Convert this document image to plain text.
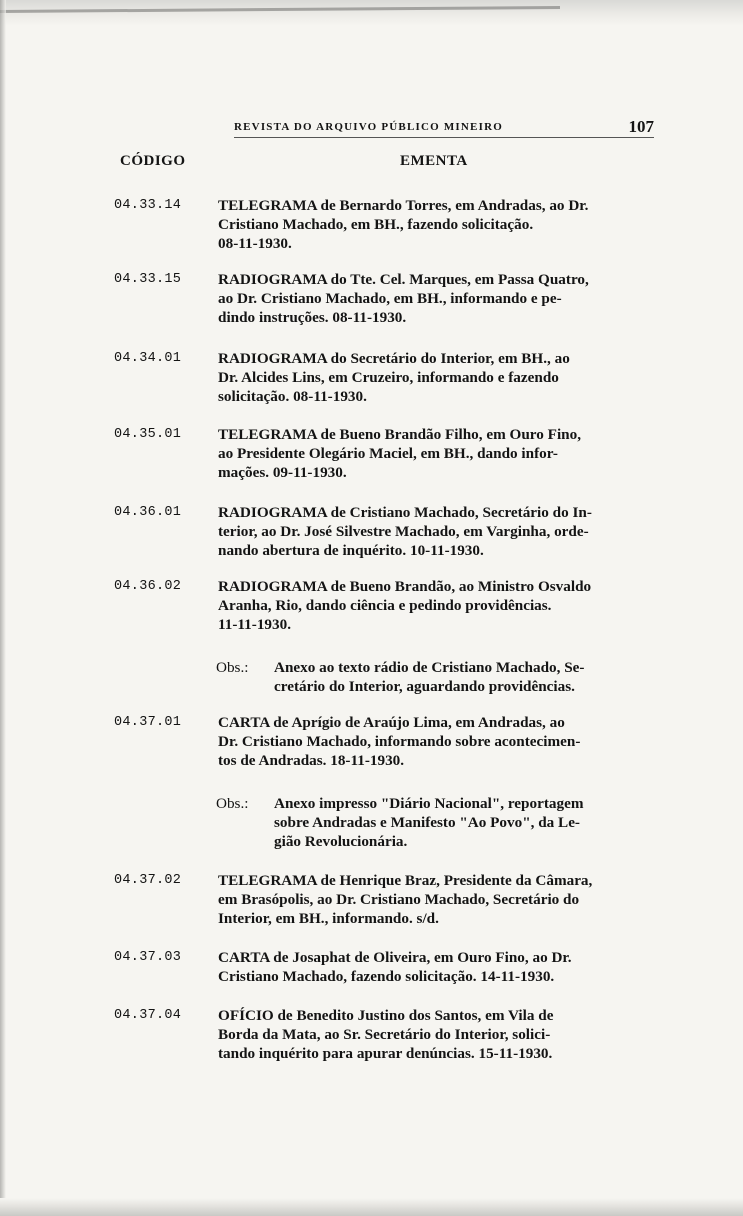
REVISTA DO ARQUIVO PÚBLICO MINEIRO	107
CÓDIGO	EMENTA
04.33.14	TELEGRAMA de Bernardo Torres, em Andradas, ao Dr.
Cristiano Machado, em BH., fazendo solicitação.
08-11-1930.
04.33.15	RADIOGRAMA do Tte. Cel. Marques, em Passa Quatro,
ao Dr. Cristiano Machado, em BH., informando e pe-
dindo instruções. 08-11-1930.
04.34.01	RADIOGRAMA do Secretário do Interior, em BH., ao
Dr. Alcides Lins, em Cruzeiro, informando e fazendo
solicitação. 08-11-1930.
04.35.01	TELEGRAMA de Bueno Brandão Filho, em Ouro Fino,
ao Presidente Olegário Maciel, em BH., dando infor-
mações. 09-11-1930.
04.36.01	RADIOGRAMA de Cristiano Machado, Secretário do In-
terior, ao Dr. José Silvestre Machado, em Varginha, orde-
nando abertura de inquérito. 10-11-1930.
04.36.02	RADIOGRAMA de Bueno Brandão, ao Ministro Osvaldo
Aranha, Rio, dando ciência e pedindo providências.
11-11-1930.
Obs.: Anexo ao texto rádio de Cristiano Machado, Se-
cretário do Interior, aguardando providências.
04.37.01	CARTA de Aprígio de Araújo Lima, em Andradas, ao
Dr. Cristiano Machado, informando sobre acontecimen-
tos de Andradas. 18-11-1930.
Obs.: Anexo impresso "Diário Nacional", reportagem
sobre Andradas e Manifesto "Ao Povo", da Le-
gião Revolucionária.
04.37.02	TELEGRAMA de Henrique Braz, Presidente da Câmara,
em Brasópolis, ao Dr. Cristiano Machado, Secretário do
Interior, em BH., informando. s/d.
04.37.03	CARTA de Josaphat de Oliveira, em Ouro Fino, ao Dr.
Cristiano Machado, fazendo solicitação. 14-11-1930.
04.37.04	OFÍCIO de Benedito Justino dos Santos, em Vila de
Borda da Mata, ao Sr. Secretário do Interior, solici-
tando inquérito para apurar denúncias. 15-11-1930.
